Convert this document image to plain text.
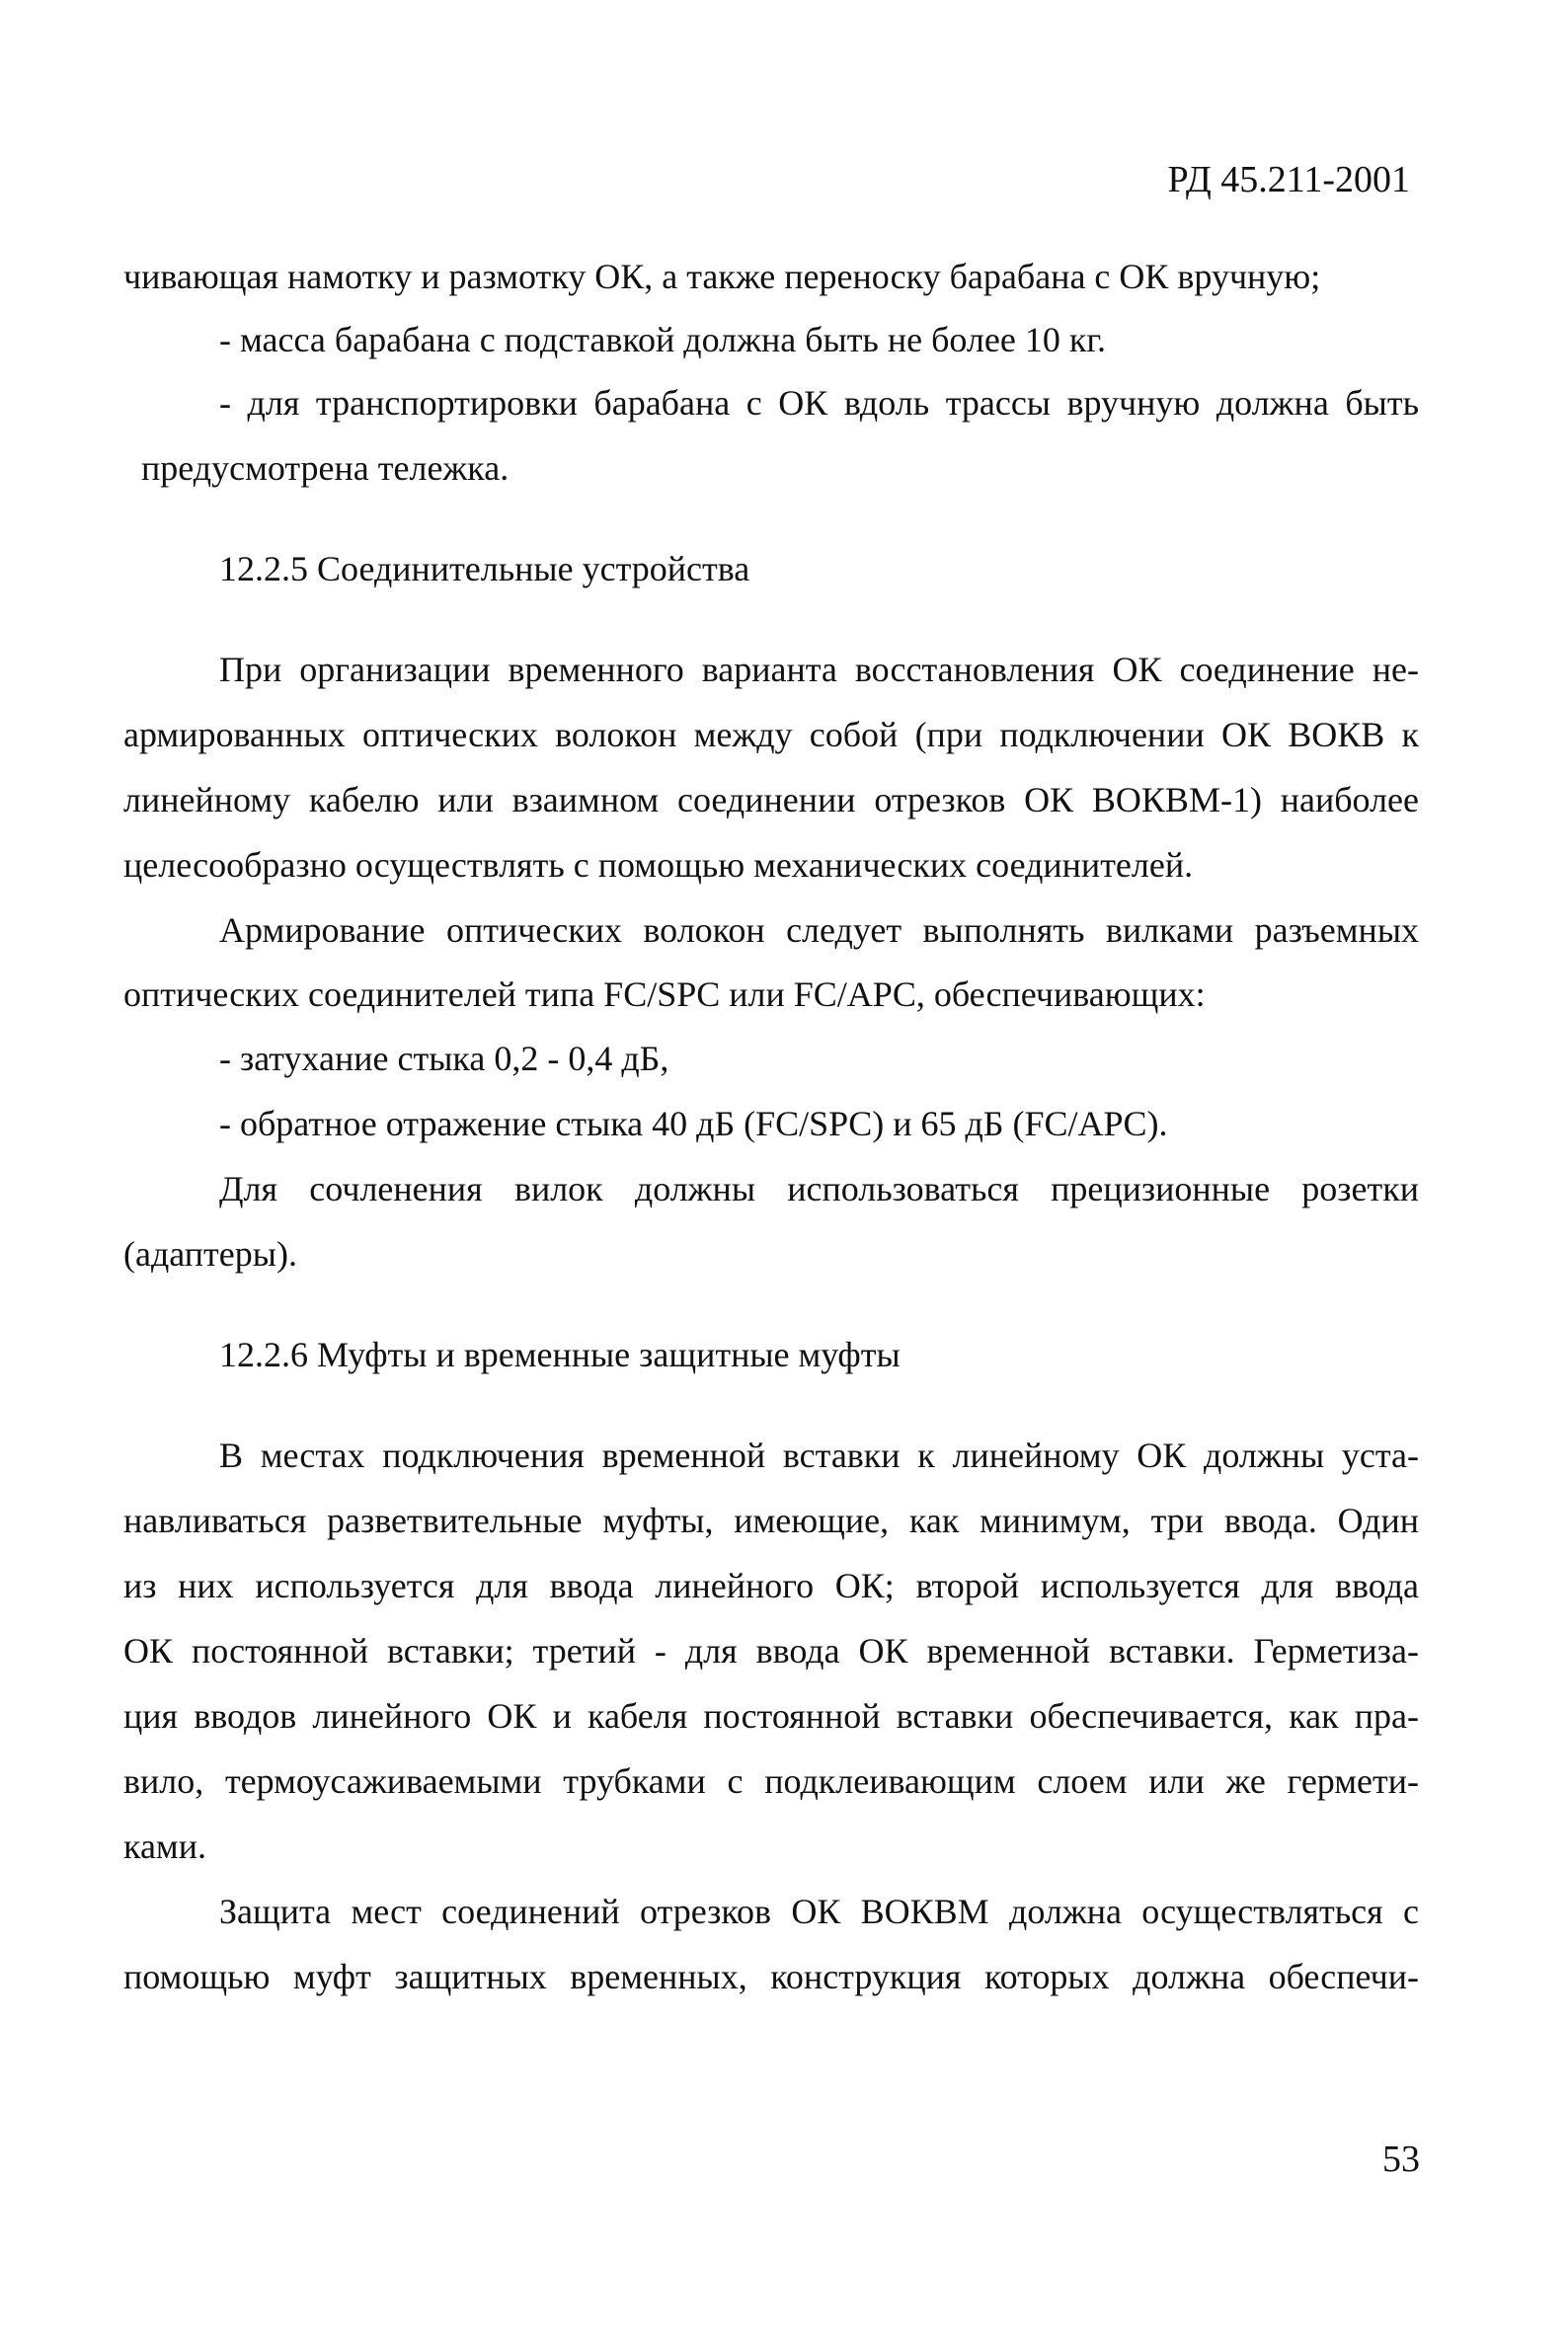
РД 45.211-2001

чивающая намотку и размотку ОК, а также переноску барабана с ОК вручную;

- масса барабана с подставкой должна быть не более 10 кг.

- для транспортировки барабана с ОК вдоль трассы вручную должна быть

предусмотрена тележка.

12.2.5 Соединительные устройства

При организации временного варианта восстановления ОК соединение не-

армированных оптических волокон между собой (при подключении ОК ВОКВ к

линейному кабелю или взаимном соединении отрезков ОК ВОКВМ-1) наиболее

целесообразно осуществлять с помощью механических соединителей.

Армирование оптических волокон следует выполнять вилками разъемных

оптических соединителей типа FC/SPC или FC/APC, обеспечивающих:

- затухание стыка 0,2 - 0,4 дБ,

- обратное отражение стыка 40 дБ (FC/SPC) и 65 дБ (FC/APC).

Для сочленения вилок должны использоваться прецизионные розетки

(адаптеры).

12.2.6 Муфты и временные защитные муфты

В местах подключения временной вставки к линейному ОК должны уста-

навливаться разветвительные муфты, имеющие, как минимум, три ввода. Один

из них используется для ввода линейного ОК; второй используется для ввода

ОК постоянной вставки; третий - для ввода ОК временной вставки. Герметиза-

ция вводов линейного ОК и кабеля постоянной вставки обеспечивается, как пра-

вило, термоусаживаемыми трубками с подклеивающим слоем или же гермети-

ками.

Защита мест соединений отрезков ОК ВОКВМ должна осуществляться с

помощью муфт защитных временных, конструкция которых должна обеспечи-

53
